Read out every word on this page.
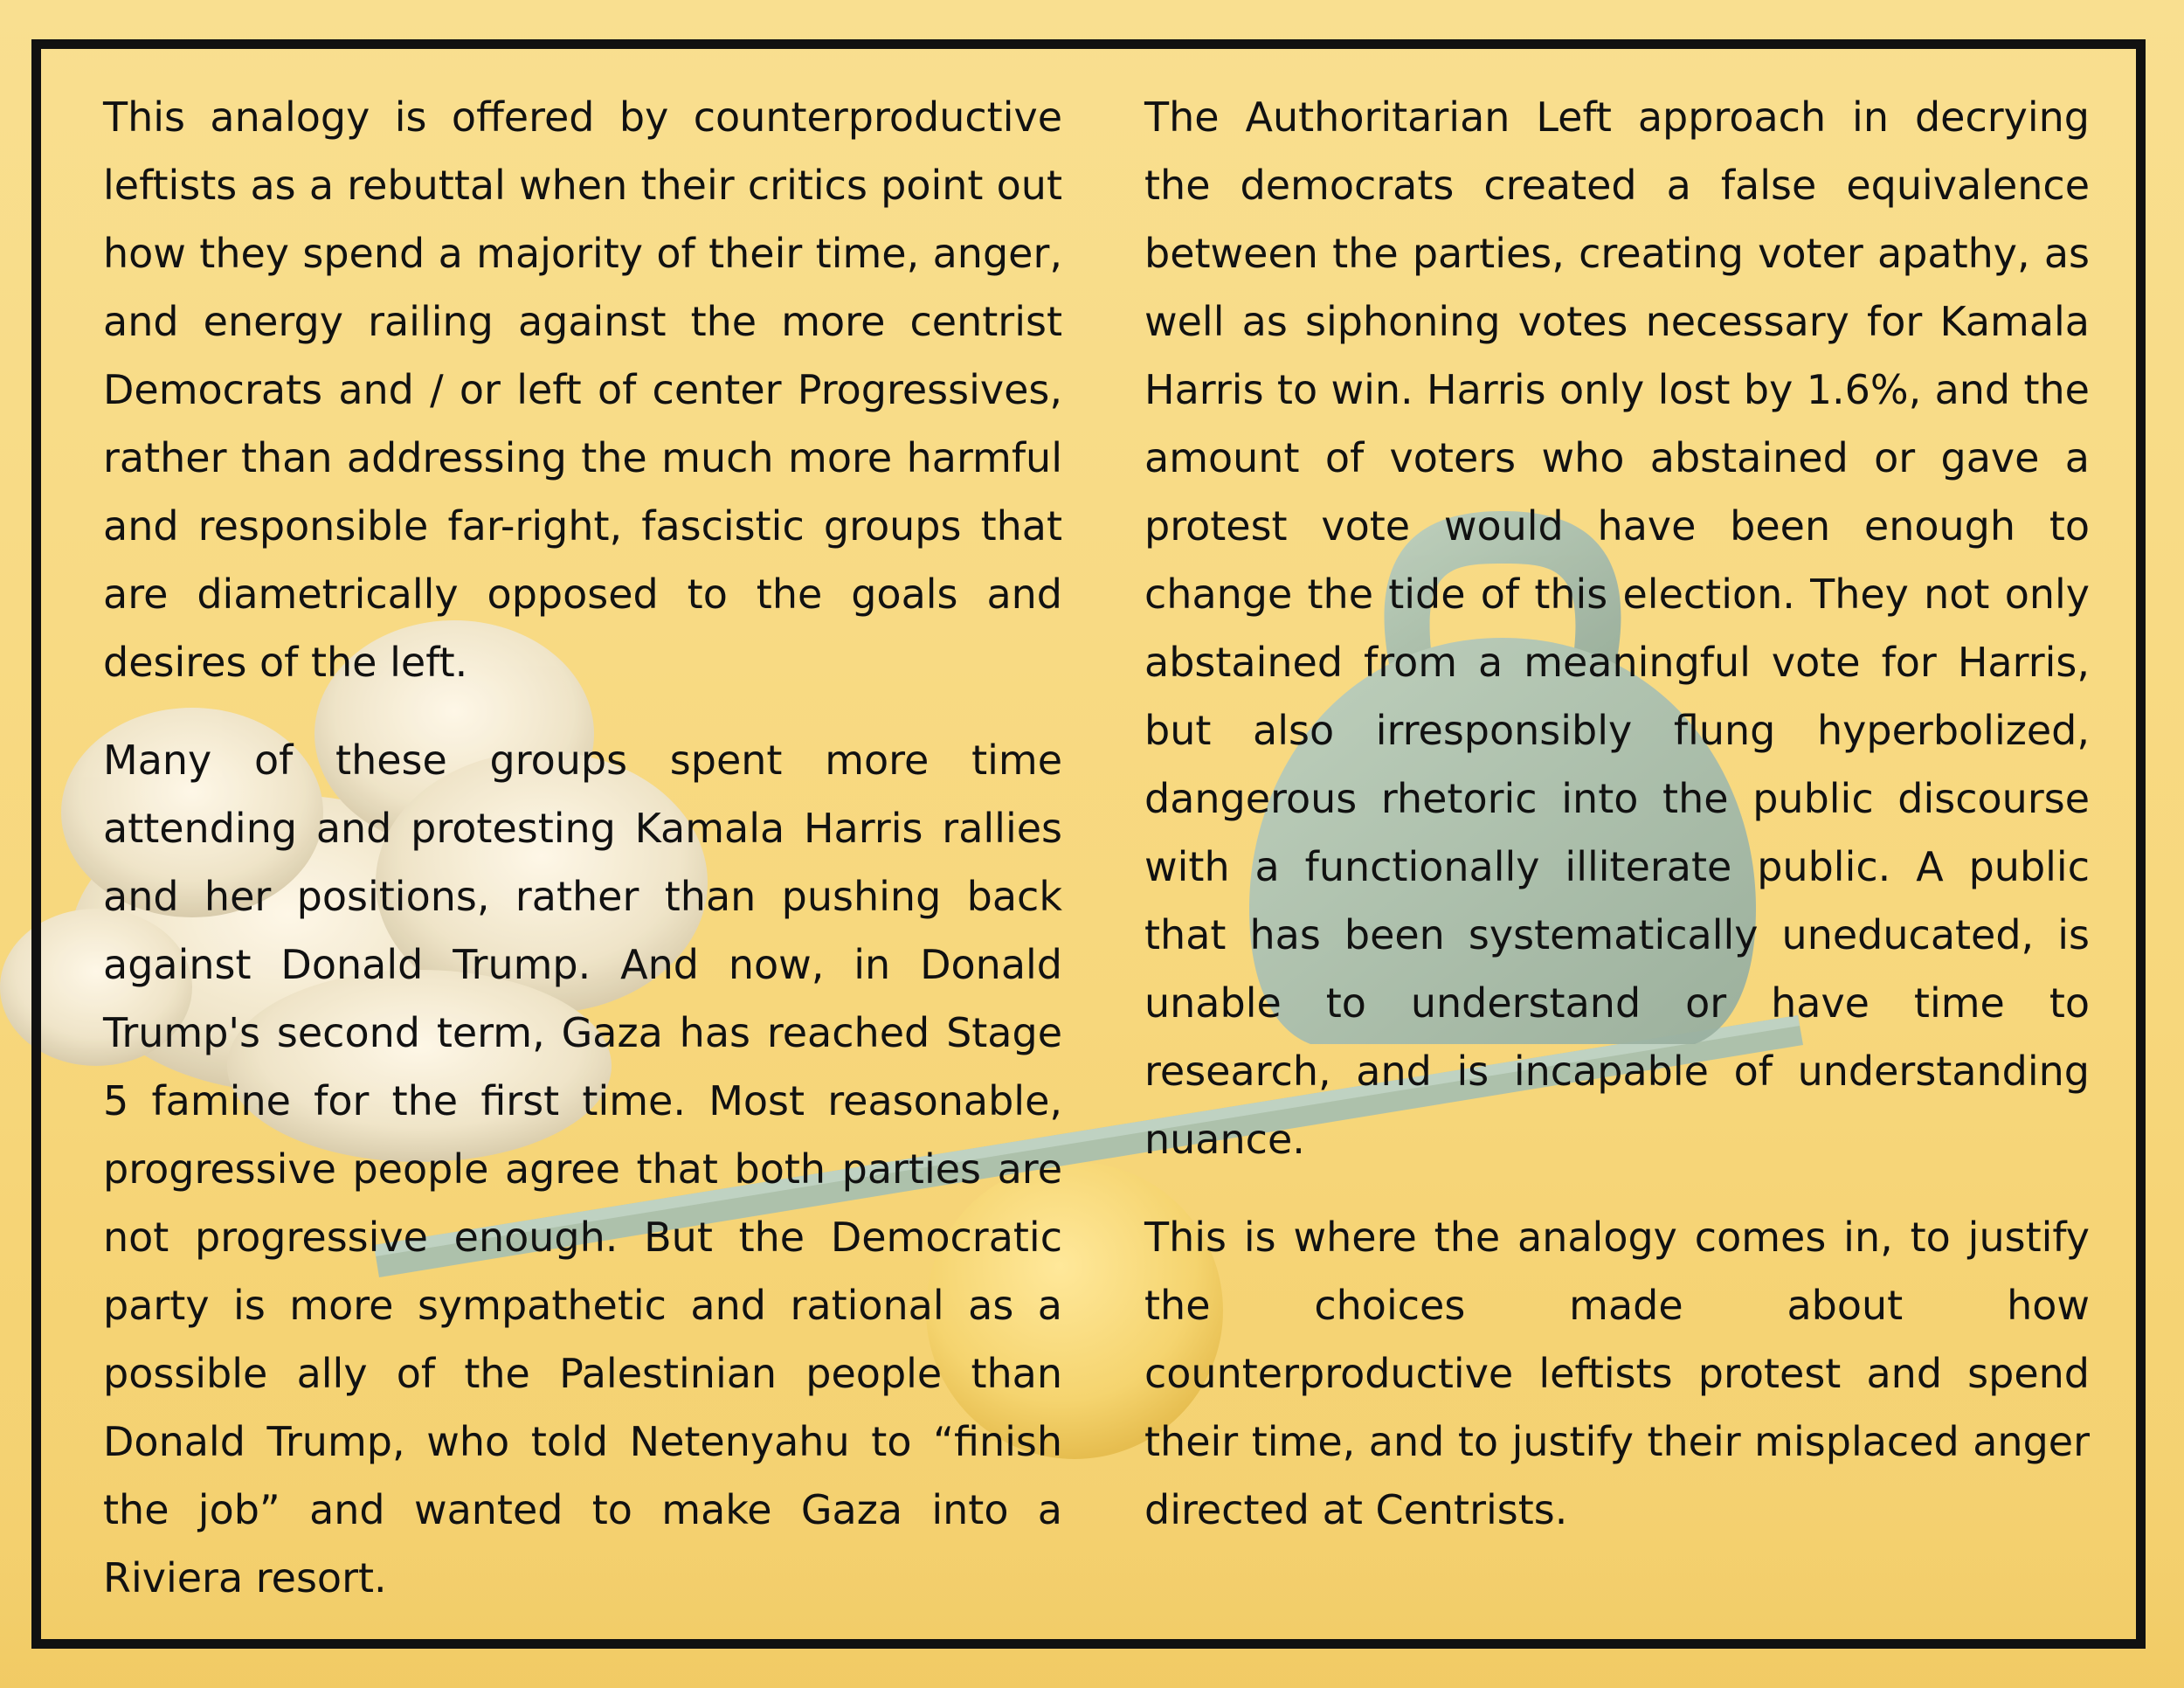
This analogy is offered by counterproductive leftists as a rebuttal when their critics point out how they spend a majority of their time, anger, and energy railing against the more centrist Democrats and / or left of center Progressives, rather than addressing the much more harmful and responsible far-right, fascistic groups that are diametrically opposed to the goals and desires of the left.

Many of these groups spent more time attending and protesting Kamala Harris rallies and her positions, rather than pushing back against Donald Trump. And now, in Donald Trump's second term, Gaza has reached Stage 5 famine for the first time. Most reasonable, progressive people agree that both parties are not progressive enough. But the Democratic party is more sympathetic and rational as a possible ally of the Palestinian people than Donald Trump, who told Netenyahu to “finish the job” and wanted to make Gaza into a Riviera resort.

The Authoritarian Left approach in decrying the democrats created a false equivalence between the parties, creating voter apathy, as well as siphoning votes necessary for Kamala Harris to win. Harris only lost by 1.6%, and the amount of voters who abstained or gave a protest vote would have been enough to change the tide of this election. They not only abstained from a meaningful vote for Harris, but also irresponsibly flung hyperbolized, dangerous rhetoric into the public discourse with a functionally illiterate public. A public that has been systematically uneducated, is unable to understand or have time to research, and is incapable of understanding nuance.

This is where the analogy comes in, to justify the choices made about how counterproductive leftists protest and spend their time, and to justify their misplaced anger directed at Centrists.
